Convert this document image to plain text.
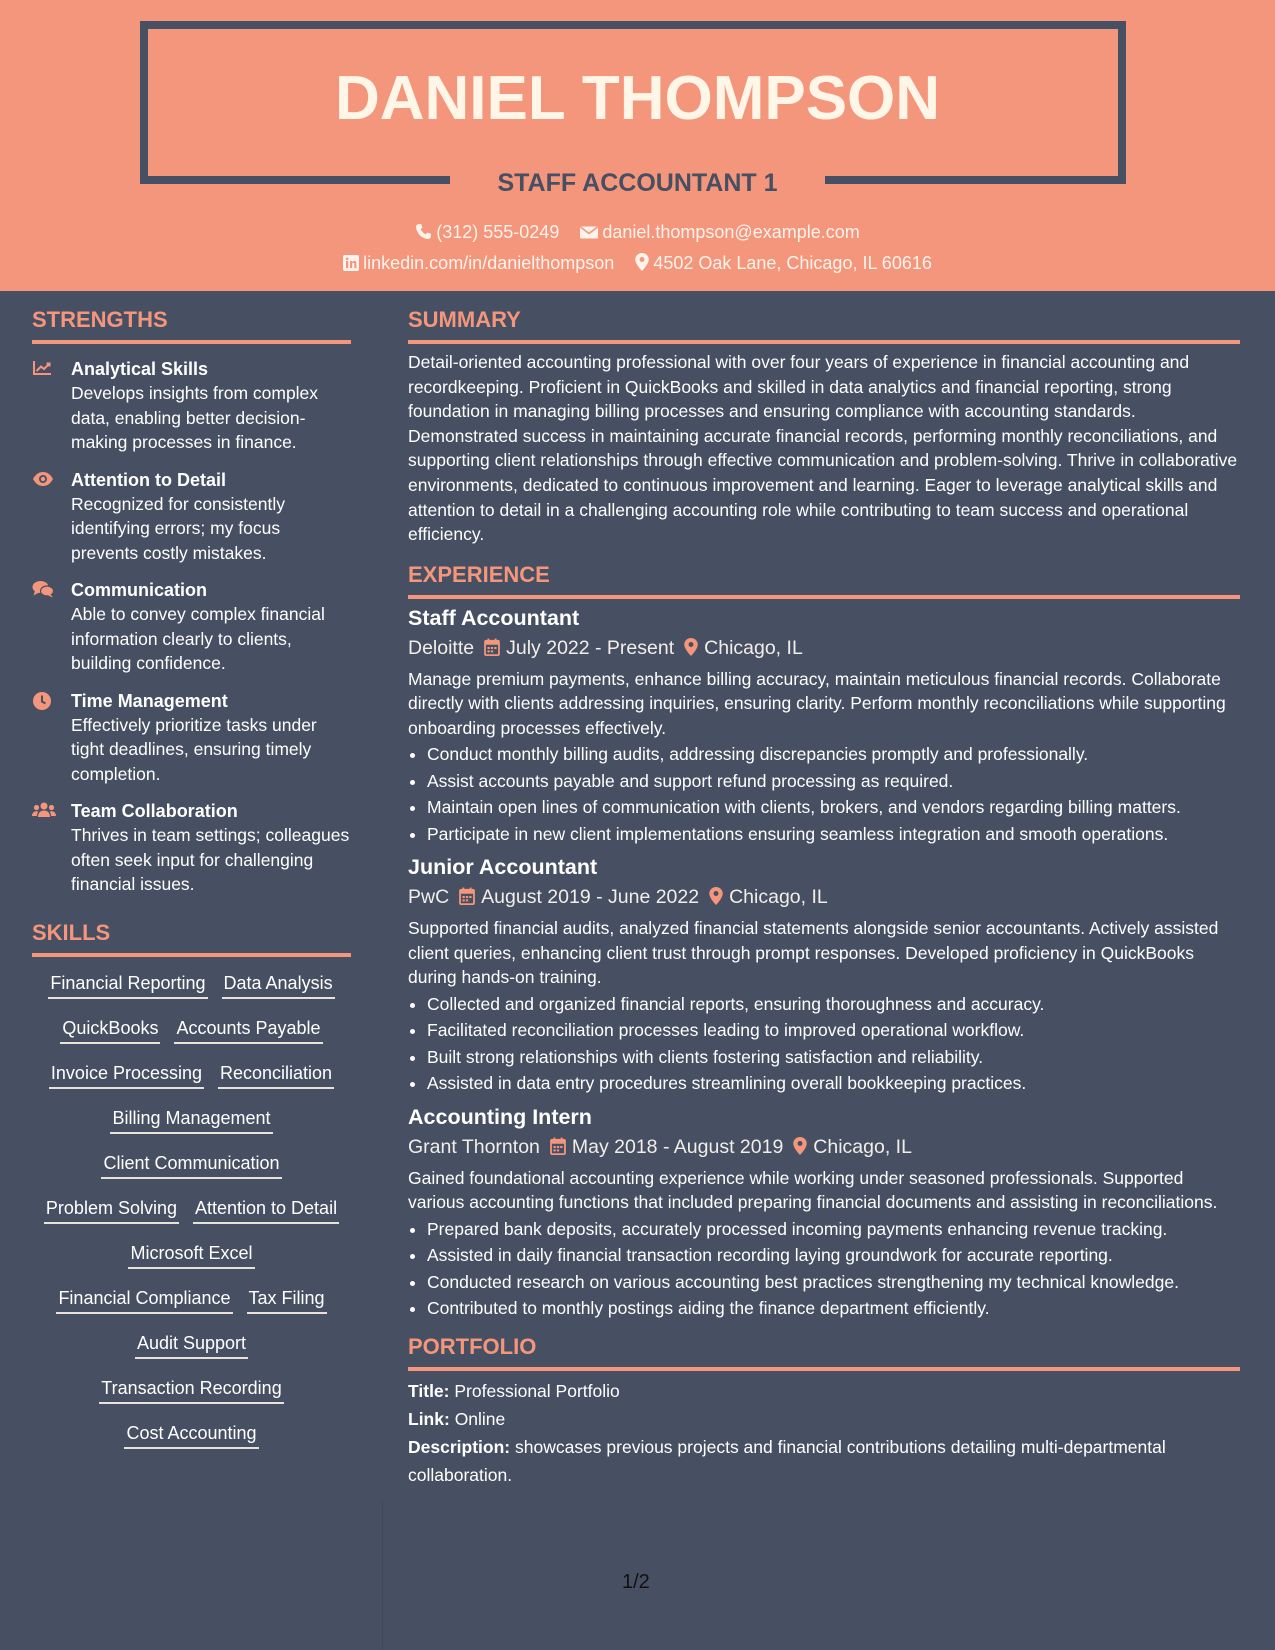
DANIEL THOMPSON
STAFF ACCOUNTANT 1
(312) 555-0249 daniel.thompson@example.com
linkedin.com/in/danielthompson 4502 Oak Lane, Chicago, IL 60616
STRENGTHS
Analytical Skills
Develops insights from complex data, enabling better decision-making processes in finance.
Attention to Detail
Recognized for consistently identifying errors; my focus prevents costly mistakes.
Communication
Able to convey complex financial information clearly to clients, building confidence.
Time Management
Effectively prioritize tasks under tight deadlines, ensuring timely completion.
Team Collaboration
Thrives in team settings; colleagues often seek input for challenging financial issues.
SKILLS
Financial Reporting Data Analysis
QuickBooks Accounts Payable
Invoice Processing Reconciliation
Billing Management
Client Communication
Problem Solving Attention to Detail
Microsoft Excel
Financial Compliance Tax Filing
Audit Support
Transaction Recording
Cost Accounting
SUMMARY
Detail-oriented accounting professional with over four years of experience in financial accounting and recordkeeping. Proficient in QuickBooks and skilled in data analytics and financial reporting, strong foundation in managing billing processes and ensuring compliance with accounting standards. Demonstrated success in maintaining accurate financial records, performing monthly reconciliations, and supporting client relationships through effective communication and problem-solving. Thrive in collaborative environments, dedicated to continuous improvement and learning. Eager to leverage analytical skills and attention to detail in a challenging accounting role while contributing to team success and operational efficiency.
EXPERIENCE
Staff Accountant
Deloitte July 2022 - Present Chicago, IL
Manage premium payments, enhance billing accuracy, maintain meticulous financial records. Collaborate directly with clients addressing inquiries, ensuring clarity. Perform monthly reconciliations while supporting onboarding processes effectively.
• Conduct monthly billing audits, addressing discrepancies promptly and professionally.
• Assist accounts payable and support refund processing as required.
• Maintain open lines of communication with clients, brokers, and vendors regarding billing matters.
• Participate in new client implementations ensuring seamless integration and smooth operations.
Junior Accountant
PwC August 2019 - June 2022 Chicago, IL
Supported financial audits, analyzed financial statements alongside senior accountants. Actively assisted client queries, enhancing client trust through prompt responses. Developed proficiency in QuickBooks during hands-on training.
• Collected and organized financial reports, ensuring thoroughness and accuracy.
• Facilitated reconciliation processes leading to improved operational workflow.
• Built strong relationships with clients fostering satisfaction and reliability.
• Assisted in data entry procedures streamlining overall bookkeeping practices.
Accounting Intern
Grant Thornton May 2018 - August 2019 Chicago, IL
Gained foundational accounting experience while working under seasoned professionals. Supported various accounting functions that included preparing financial documents and assisting in reconciliations.
• Prepared bank deposits, accurately processed incoming payments enhancing revenue tracking.
• Assisted in daily financial transaction recording laying groundwork for accurate reporting.
• Conducted research on various accounting best practices strengthening my technical knowledge.
• Contributed to monthly postings aiding the finance department efficiently.
PORTFOLIO
Title: Professional Portfolio
Link: Online
Description: showcases previous projects and financial contributions detailing multi-departmental collaboration.
1/2
